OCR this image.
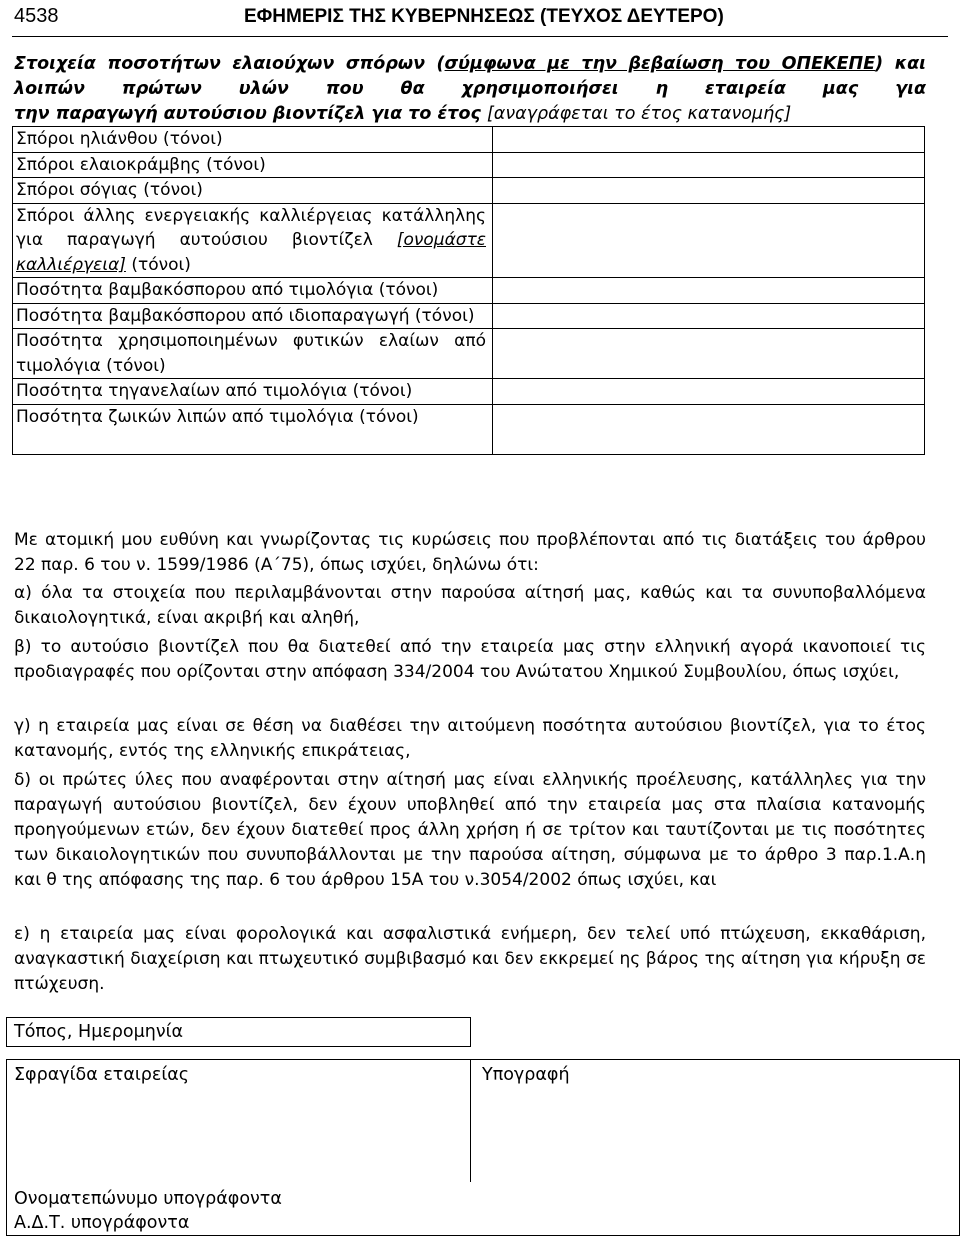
4538	ΕΦΗΜΕΡΙΣ ΤΗΣ ΚΥΒΕΡΝΗΣΕΩΣ (ΤΕΥΧΟΣ ΔΕΥΤΕΡΟ)
Στοιχεία ποσοτήτων ελαιούχων σπόρων (σύμφωνα με την βεβαίωση του ΟΠΕΚΕΠΕ) και λοιπών πρώτων υλών που θα χρησιμοποιήσει η εταιρεία μας για
την παραγωγή αυτούσιου βιοντίζελ για το έτος [αναγράφεται το έτος κατανομής]
Σπόροι ηλιάνθου (τόνοι)	
Σπόροι ελαιοκράμβης (τόνοι)	
Σπόροι σόγιας (τόνοι)	
Σπόροι άλλης ενεργειακής καλλιέργειας κατάλληλης για παραγωγή αυτούσιου βιοντίζελ [ονομάστε καλλιέργεια] (τόνοι)	
Ποσότητα βαμβακόσπορου από τιμολόγια (τόνοι)	
Ποσότητα βαμβακόσπορου από ιδιοπαραγωγή (τόνοι)	
Ποσότητα χρησιμοποιημένων φυτικών ελαίων από τιμολόγια (τόνοι)	
Ποσότητα τηγανελαίων από τιμολόγια (τόνοι)	
Ποσότητα ζωικών λιπών από τιμολόγια (τόνοι)	
Με ατομική μου ευθύνη και γνωρίζοντας τις κυρώσεις που προβλέπονται από τις διατάξεις του άρθρου 22 παρ. 6 του ν. 1599/1986 (Α΄75), όπως ισχύει, δηλώνω ότι:
α) όλα τα στοιχεία που περιλαμβάνονται στην παρούσα αίτησή μας, καθώς και τα συνυποβαλλόμενα δικαιολογητικά, είναι ακριβή και αληθή,
β) το αυτούσιο βιοντίζελ που θα διατεθεί από την εταιρεία μας στην ελληνική αγορά ικανοποιεί τις προδιαγραφές που ορίζονται στην απόφαση 334/2004 του Ανώτατου Χημικού Συμβουλίου, όπως ισχύει,
γ) η εταιρεία μας είναι σε θέση να διαθέσει την αιτούμενη ποσότητα αυτούσιου βιοντίζελ, για το έτος κατανομής, εντός της ελληνικής επικράτειας,
δ) οι πρώτες ύλες που αναφέρονται στην αίτησή μας είναι ελληνικής προέλευσης, κατάλληλες για την παραγωγή αυτούσιου βιοντίζελ, δεν έχουν υποβληθεί από την εταιρεία μας στα πλαίσια κατανομής προηγούμενων ετών, δεν έχουν διατεθεί προς άλλη χρήση ή σε τρίτον και ταυτίζονται με τις ποσότητες των δικαιολογητικών που συνυποβάλλονται με την παρούσα αίτηση, σύμφωνα με το άρθρο 3 παρ.1.Α.η και θ της απόφασης της παρ. 6 του άρθρου 15Α του ν.3054/2002 όπως ισχύει, και
ε) η εταιρεία μας είναι φορολογικά και ασφαλιστικά ενήμερη, δεν τελεί υπό πτώχευση, εκκαθάριση, αναγκαστική διαχείριση και πτωχευτικό συμβιβασμό και δεν εκκρεμεί ης βάρος της αίτηση για κήρυξη σε πτώχευση.
Τόπος, Ημερομηνία
Σφραγίδα εταιρείας	Υπογραφή
Ονοματεπώνυμο υπογράφοντα
Α.Δ.Τ. υπογράφοντα
